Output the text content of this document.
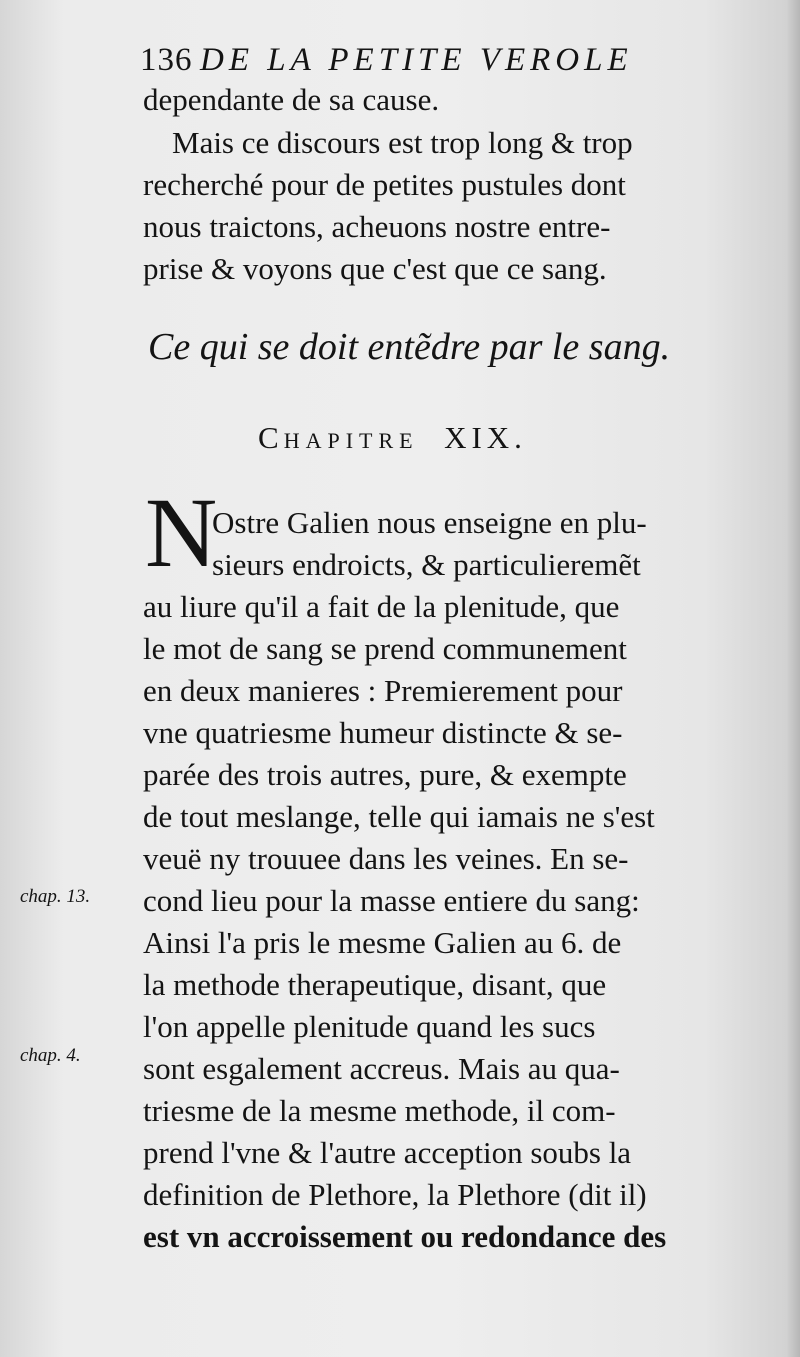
136 DE LA PETITE VEROLE
dependante de sa cause.
Mais ce discours est trop long & trop
recherché pour de petites pustules dont
nous traictons, acheuons nostre entre-
prise & voyons que c'est que ce sang.
Ce qui se doit entẽdre par le sang.
CHAPITRE XIX.
N
Ostre Galien nous enseigne en plu-
sieurs endroicts, & particulieremẽt
au liure qu'il a fait de la plenitude, que
le mot de sang se prend communement
en deux manieres : Premierement pour
vne quatriesme humeur distincte & se-
parée des trois autres, pure, & exempte
de tout meslange, telle qui iamais ne s'est
veuë ny trouuee dans les veines. En se-
cond lieu pour la masse entiere du sang:
Ainsi l'a pris le mesme Galien au 6. de
la methode therapeutique, disant, que
l'on appelle plenitude quand les sucs
sont esgalement accreus. Mais au qua-
triesme de la mesme methode, il com-
prend l'vne & l'autre acception soubs la
definition de Plethore, la Plethore (dit il)
est vn accroissement ou redondance des
chap. 13.
chap. 4.
